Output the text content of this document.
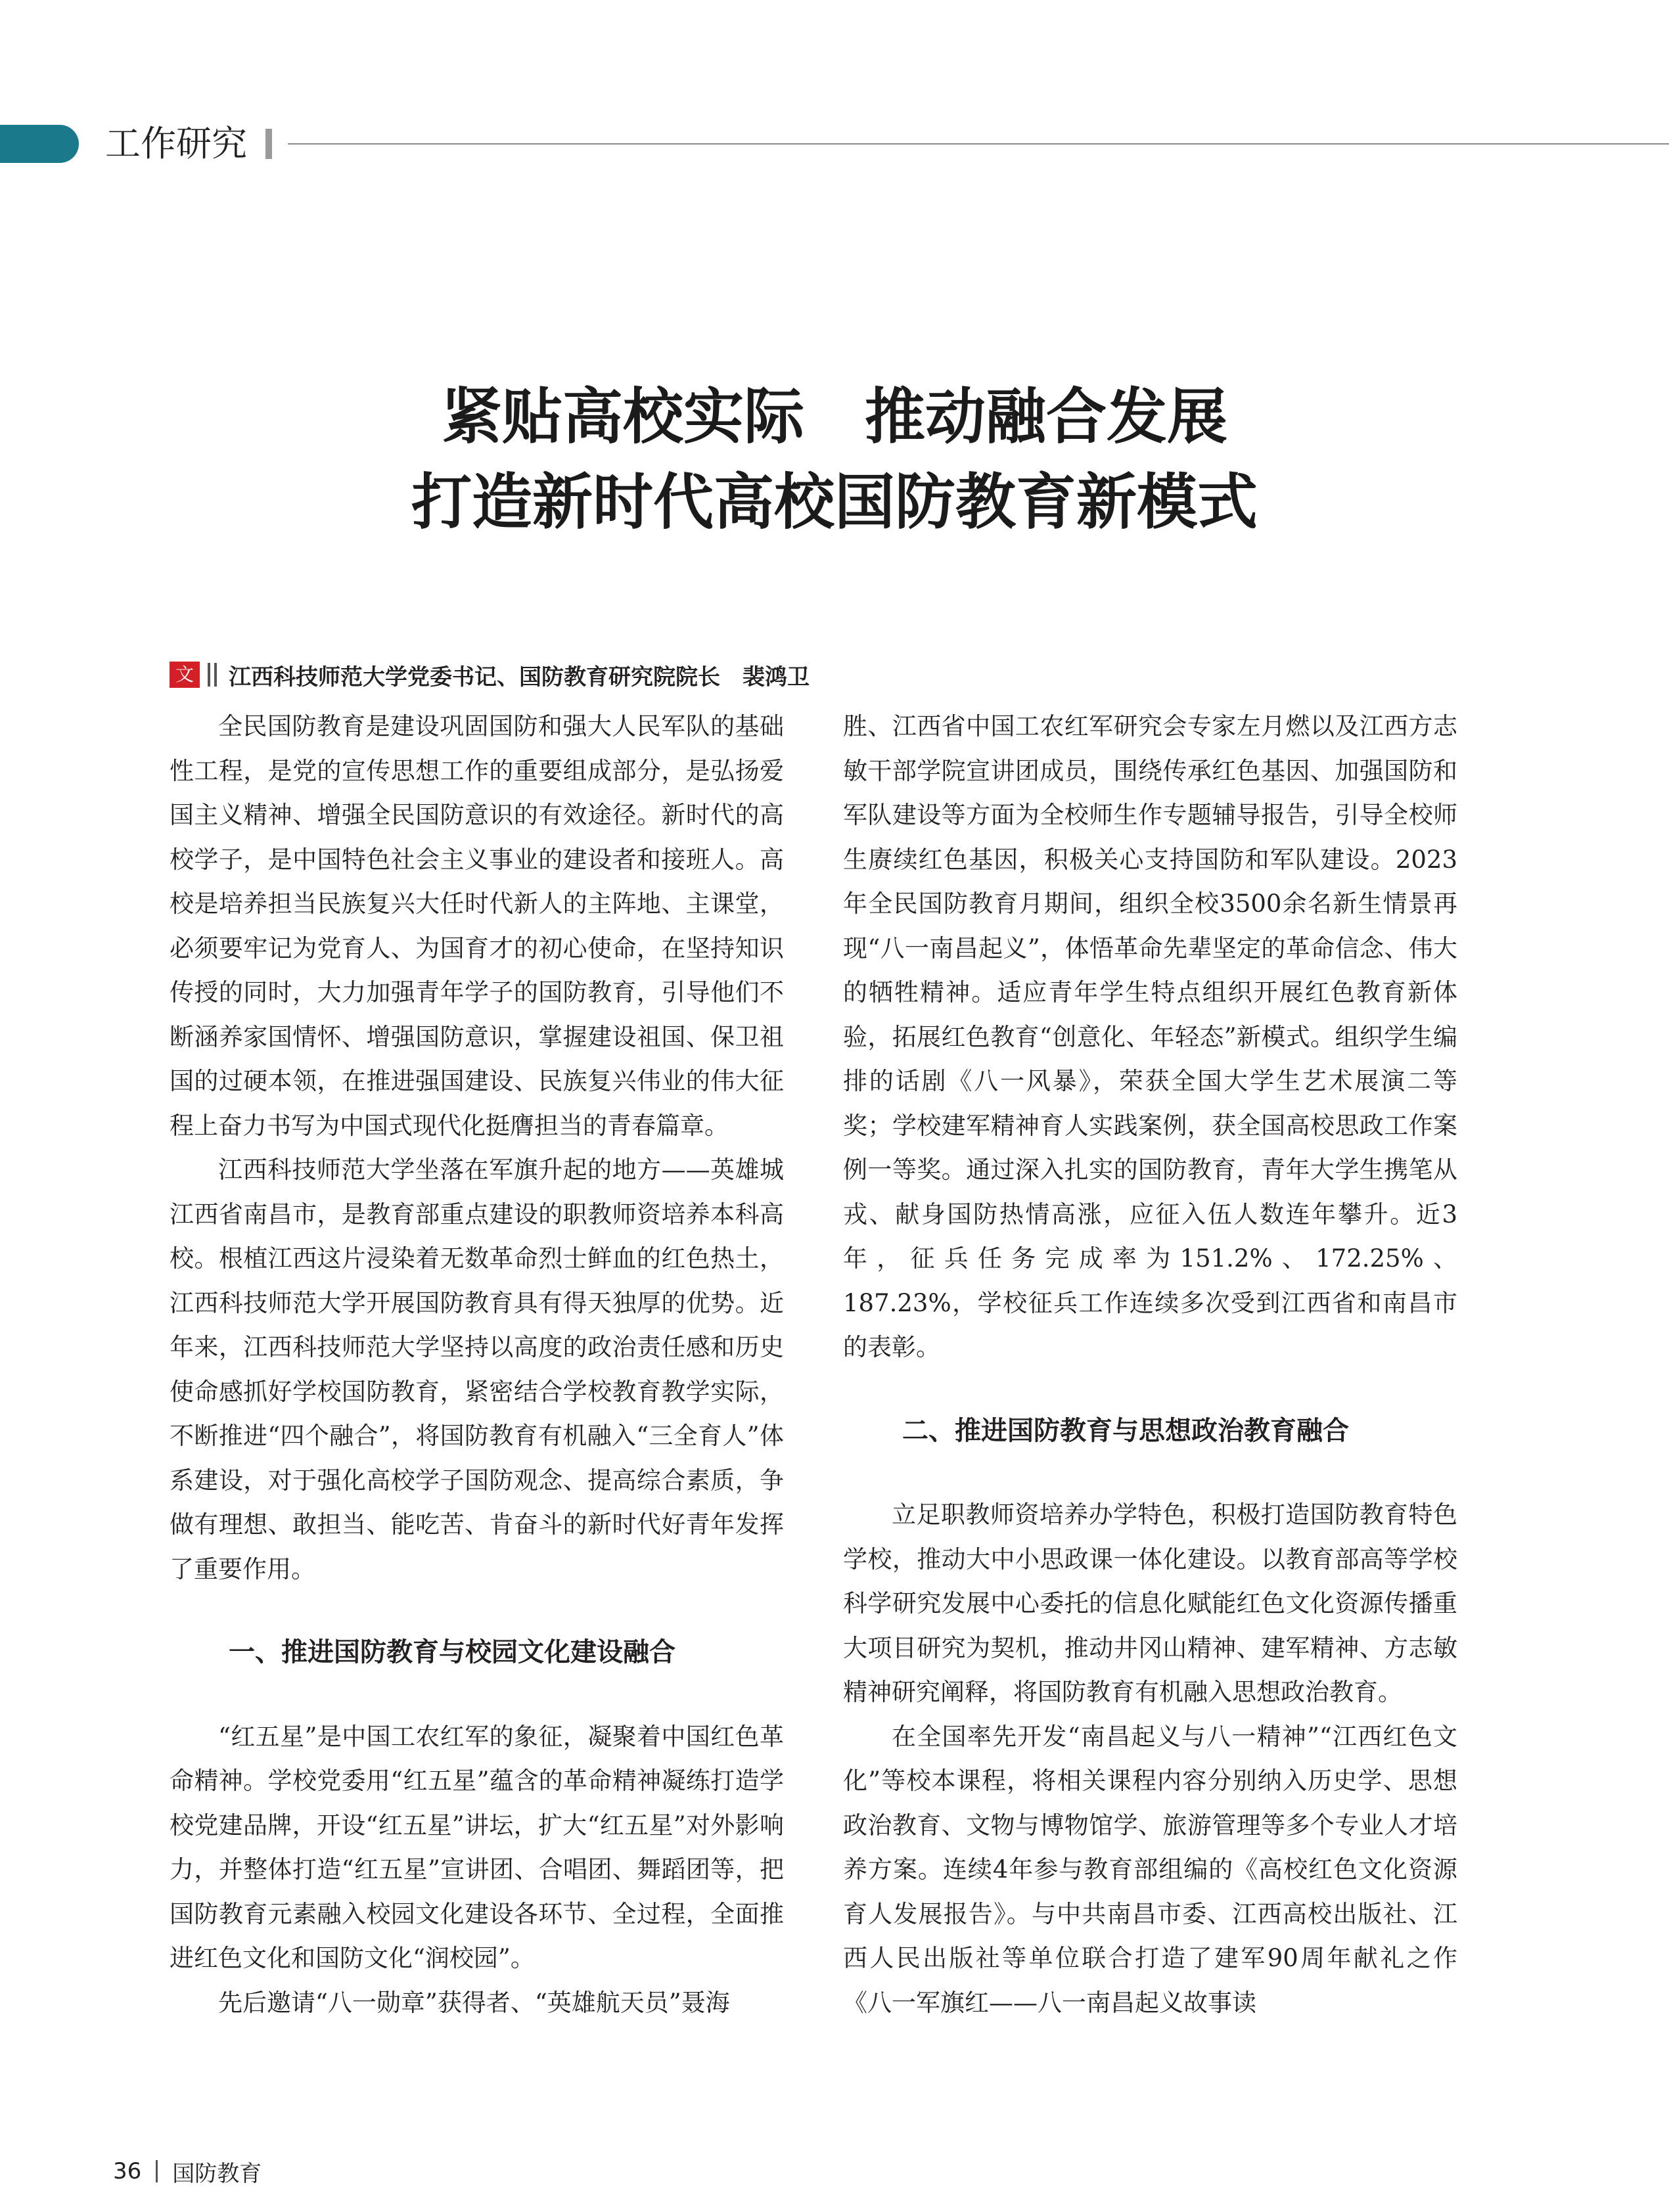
工作研究
紧贴高校实际　推动融合发展
打造新时代高校国防教育新模式
文 江西科技师范大学党委书记、国防教育研究院院长　裴鸿卫

全民国防教育是建设巩固国防和强大人民军队的基础性工程，是党的宣传思想工作的重要组成部分，是弘扬爱国主义精神、增强全民国防意识的有效途径。新时代的高校学子，是中国特色社会主义事业的建设者和接班人。高校是培养担当民族复兴大任时代新人的主阵地、主课堂，必须要牢记为党育人、为国育才的初心使命，在坚持知识传授的同时，大力加强青年学子的国防教育，引导他们不断涵养家国情怀、增强国防意识，掌握建设祖国、保卫祖国的过硬本领，在推进强国建设、民族复兴伟业的伟大征程上奋力书写为中国式现代化挺膺担当的青春篇章。

江西科技师范大学坐落在军旗升起的地方——英雄城江西省南昌市，是教育部重点建设的职教师资培养本科高校。根植江西这片浸染着无数革命烈士鲜血的红色热土，江西科技师范大学开展国防教育具有得天独厚的优势。近年来，江西科技师范大学坚持以高度的政治责任感和历史使命感抓好学校国防教育，紧密结合学校教育教学实际，不断推进“四个融合”，将国防教育有机融入“三全育人”体系建设，对于强化高校学子国防观念、提高综合素质，争做有理想、敢担当、能吃苦、肯奋斗的新时代好青年发挥了重要作用。

一、推进国防教育与校园文化建设融合

“红五星”是中国工农红军的象征，凝聚着中国红色革命精神。学校党委用“红五星”蕴含的革命精神凝练打造学校党建品牌，开设“红五星”讲坛，扩大“红五星”对外影响力，并整体打造“红五星”宣讲团、合唱团、舞蹈团等，把国防教育元素融入校园文化建设各环节、全过程，全面推进红色文化和国防文化“润校园”。

先后邀请“八一勋章”获得者、“英雄航天员”聂海

胜、江西省中国工农红军研究会专家左月燃以及江西方志敏干部学院宣讲团成员，围绕传承红色基因、加强国防和军队建设等方面为全校师生作专题辅导报告，引导全校师生赓续红色基因，积极关心支持国防和军队建设。2023年全民国防教育月期间，组织全校3500余名新生情景再现“八一南昌起义”，体悟革命先辈坚定的革命信念、伟大的牺牲精神。适应青年学生特点组织开展红色教育新体验，拓展红色教育“创意化、年轻态”新模式。组织学生编排的话剧《八一风暴》，荣获全国大学生艺术展演二等奖；学校建军精神育人实践案例，获全国高校思政工作案例一等奖。通过深入扎实的国防教育，青年大学生携笔从戎、献身国防热情高涨，应征入伍人数连年攀升。近3年，征兵任务完成率为151.2%、172.25%、187.23%，学校征兵工作连续多次受到江西省和南昌市的表彰。

二、推进国防教育与思想政治教育融合

立足职教师资培养办学特色，积极打造国防教育特色学校，推动大中小思政课一体化建设。以教育部高等学校科学研究发展中心委托的信息化赋能红色文化资源传播重大项目研究为契机，推动井冈山精神、建军精神、方志敏精神研究阐释，将国防教育有机融入思想政治教育。

在全国率先开发“南昌起义与八一精神”“江西红色文化”等校本课程，将相关课程内容分别纳入历史学、思想政治教育、文物与博物馆学、旅游管理等多个专业人才培养方案。连续4年参与教育部组编的《高校红色文化资源育人发展报告》。与中共南昌市委、江西高校出版社、江西人民出版社等单位联合打造了建军90周年献礼之作《八一军旗红——八一南昌起义故事读

36 国防教育
